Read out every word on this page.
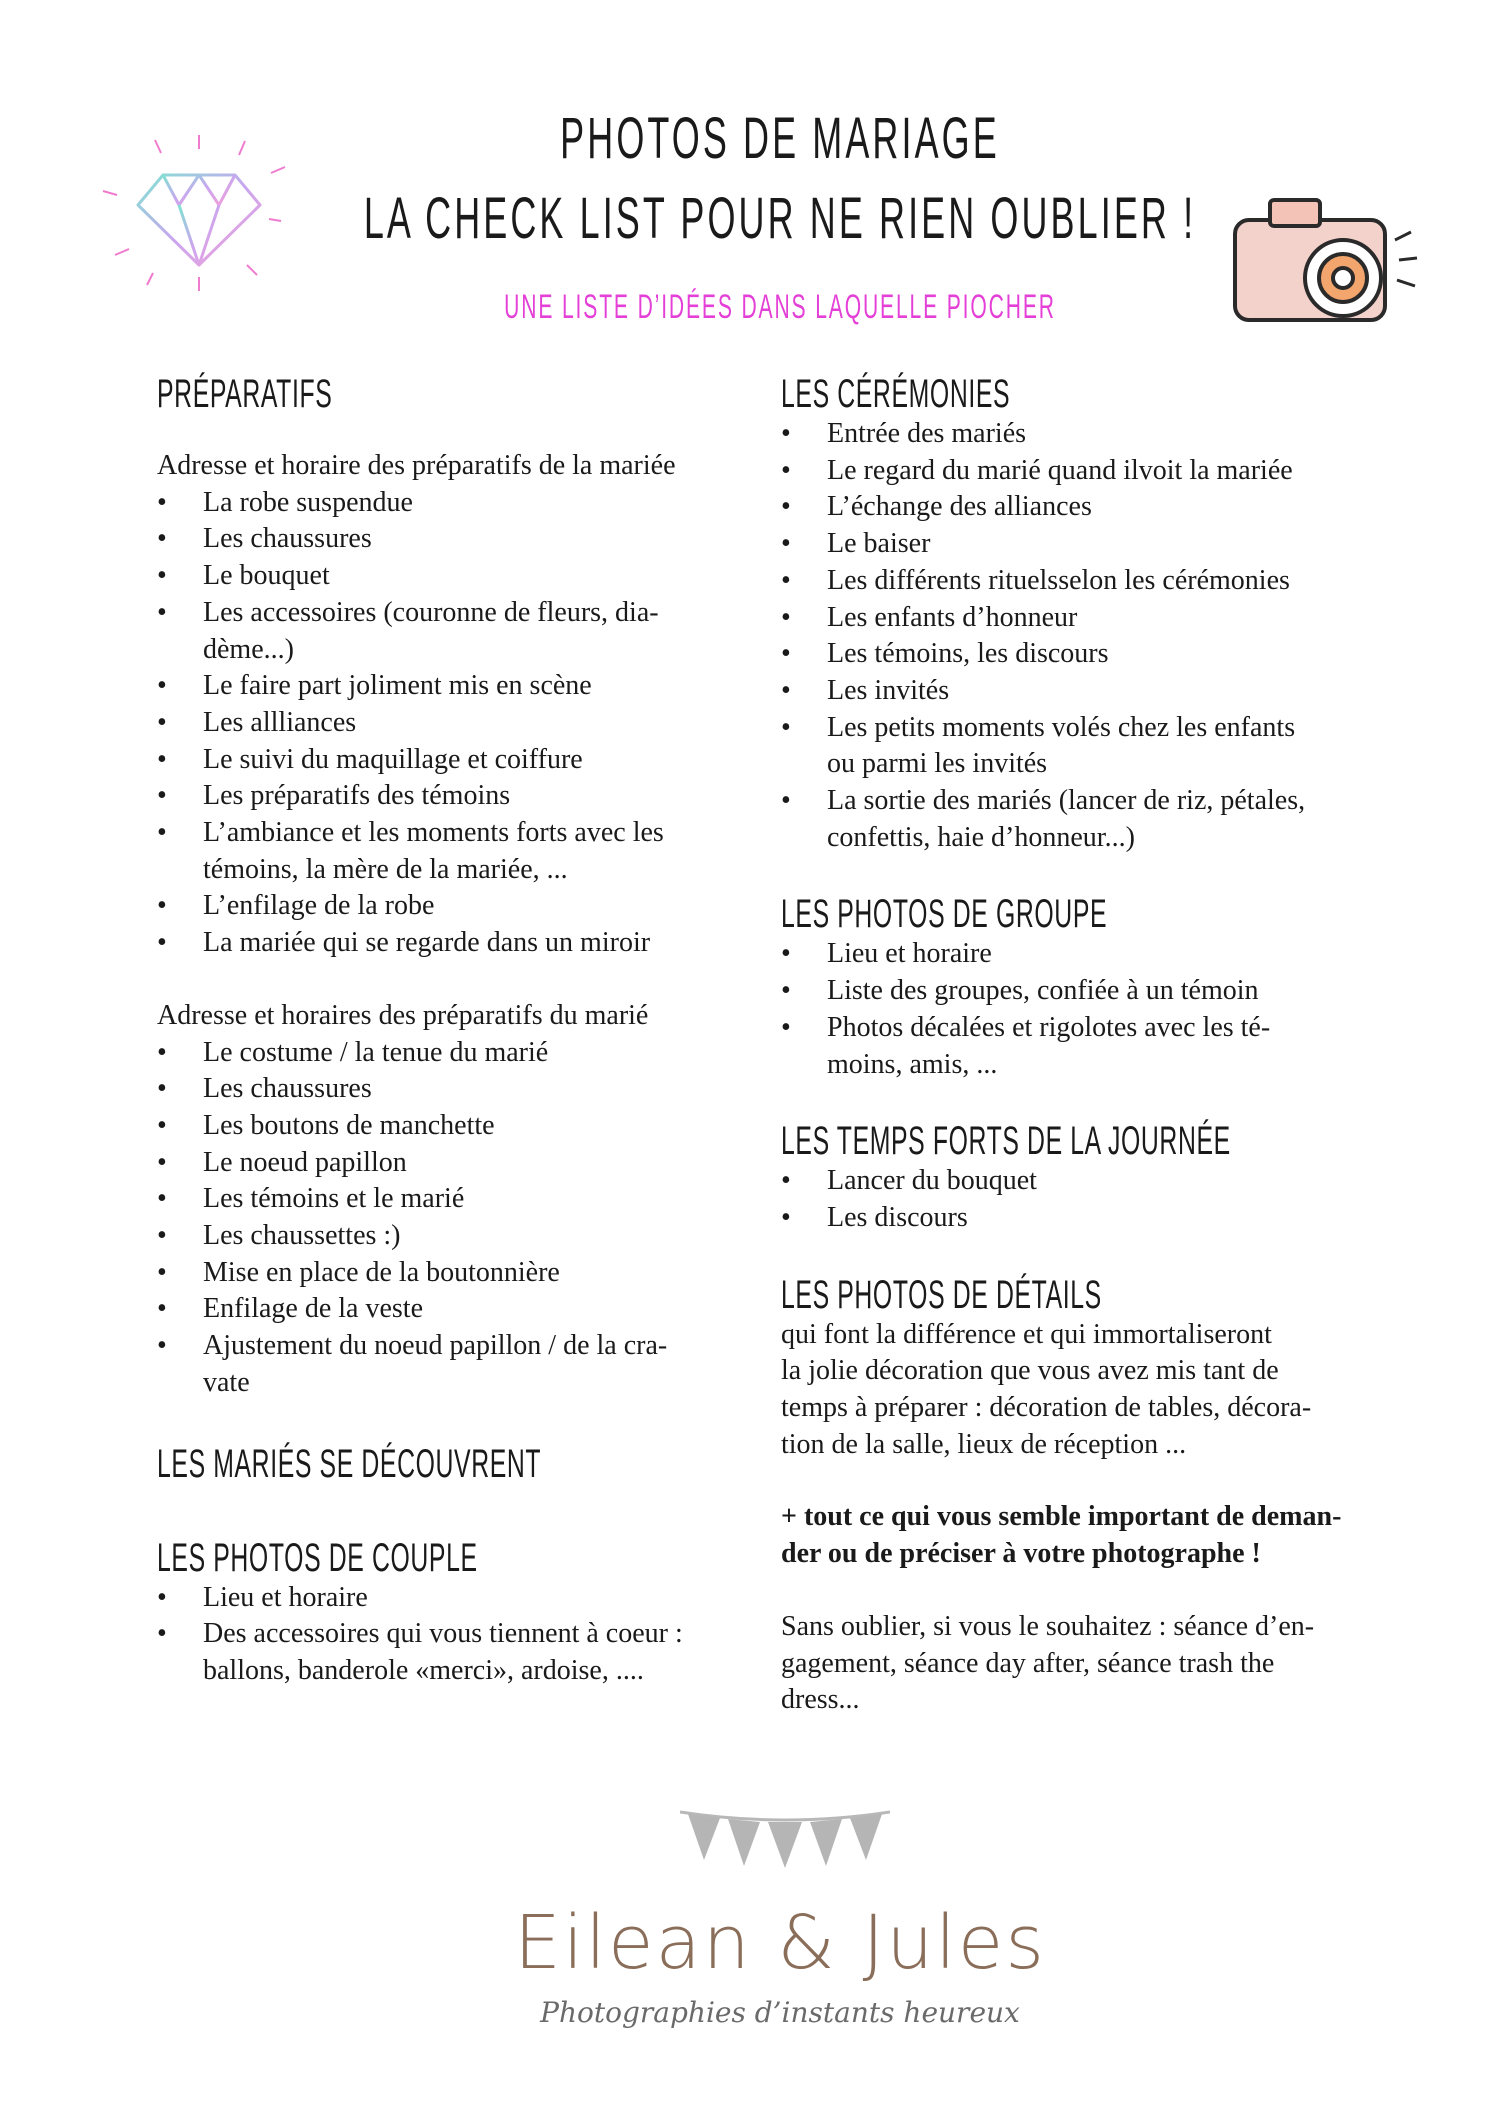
PHOTOS DE MARIAGE
LA CHECK LIST POUR NE RIEN OUBLIER !
UNE LISTE D’IDÉES DANS LAQUELLE PIOCHER
PRÉPARATIFS

Adresse et horaire des préparatifs de la mariée

• La robe suspendue
• Les chaussures
• Le bouquet
• Les accessoires (couronne de fleurs, dia-
dème...)
• Le faire part joliment mis en scène
• Les allliances
• Le suivi du maquillage et coiffure
• Les préparatifs des témoins
• L’ambiance et les moments forts avec les
témoins, la mère de la mariée, ...
• L’enfilage de la robe
• La mariée qui se regarde dans un miroir

Adresse et horaires des préparatifs du marié

• Le costume / la tenue du marié
• Les chaussures
• Les boutons de manchette
• Le noeud papillon
• Les témoins et le marié
• Les chaussettes :)
• Mise en place de la boutonnière
• Enfilage de la veste
• Ajustement du noeud papillon / de la cra-
vate
LES MARIÉS SE DÉCOUVRENT
LES PHOTOS DE COUPLE
• Lieu et horaire
• Des accessoires qui vous tiennent à coeur :
ballons, banderole «merci», ardoise, ....
LES CÉRÉMONIES
• Entrée des mariés
• Le regard du marié quand ilvoit la mariée
• L’échange des alliances
• Le baiser
• Les différents rituelsselon les cérémonies
• Les enfants d’honneur
• Les témoins, les discours
• Les invités
• Les petits moments volés chez les enfants
ou parmi les invités
• La sortie des mariés (lancer de riz, pétales,
confettis, haie d’honneur...)
LES PHOTOS DE GROUPE
• Lieu et horaire
• Liste des groupes, confiée à un témoin
• Photos décalées et rigolotes avec les té-
moins, amis, ...
LES TEMPS FORTS DE LA JOURNÉE
• Lancer du bouquet
• Les discours
LES PHOTOS DE DÉTAILS

qui font la différence et qui immortaliseront
la jolie décoration que vous avez mis tant de
temps à préparer : décoration de tables, décora-
tion de la salle, lieux de réception ...

+ tout ce qui vous semble important de deman-
der ou de préciser à votre photographe !

Sans oublier, si vous le souhaitez : séance d’en-
gagement, séance day after, séance trash the
dress...

Eilean & Jules
Photographies d’instants heureux
